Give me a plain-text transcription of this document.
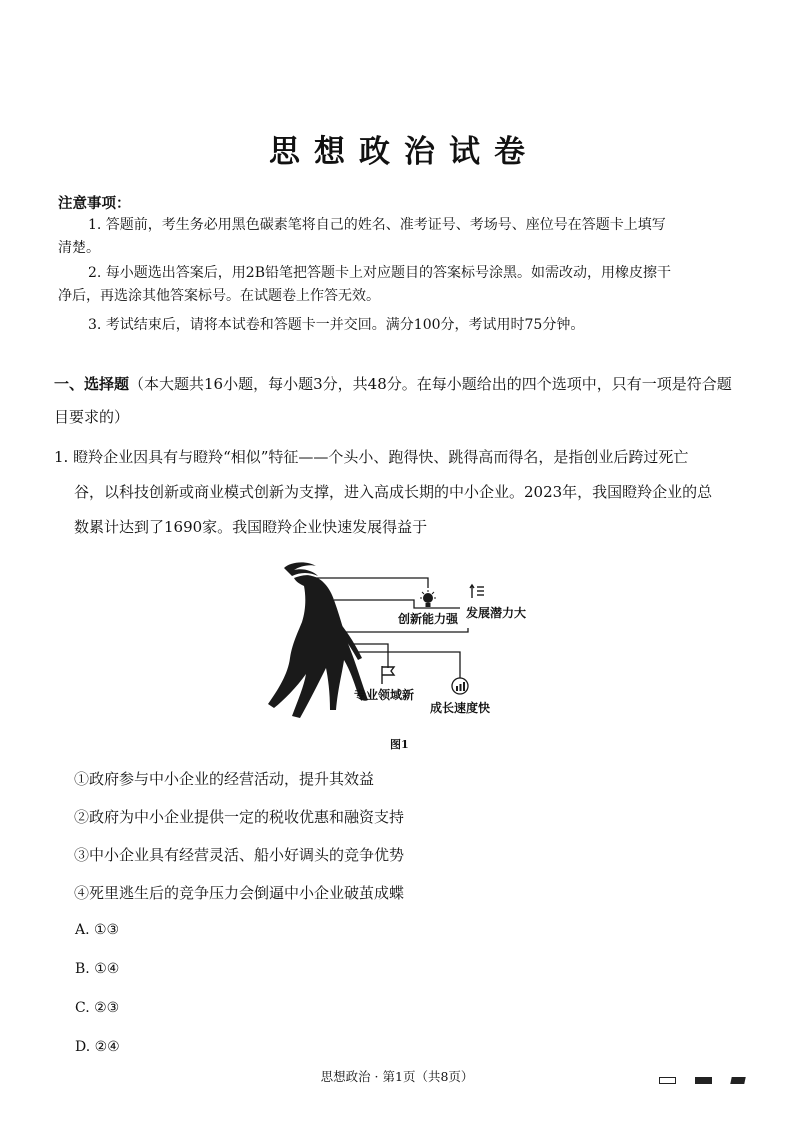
思想政治试卷
注意事项：
1. 答题前，考生务必用黑色碳素笔将自己的姓名、准考证号、考场号、座位号在答题卡上填写
清楚。
2. 每小题选出答案后，用2B铅笔把答题卡上对应题目的答案标号涂黑。如需改动，用橡皮擦干
净后，再选涂其他答案标号。在试题卷上作答无效。
3. 考试结束后，请将本试卷和答题卡一并交回。满分100分，考试用时75分钟。
一、选择题（本大题共16小题，每小题3分，共48分。在每小题给出的四个选项中，只有一项是符合题
目要求的）
1. 瞪羚企业因具有与瞪羚“相似”特征——个头小、跑得快、跳得高而得名，是指创业后跨过死亡
谷，以科技创新或商业模式创新为支撑，进入高成长期的中小企业。2023年，我国瞪羚企业的总
数累计达到了1690家。我国瞪羚企业快速发展得益于
创新能力强 发展潜力大
专业领域新
成长速度快
图1
①政府参与中小企业的经营活动，提升其效益
②政府为中小企业提供一定的税收优惠和融资支持
③中小企业具有经营灵活、船小好调头的竞争优势
④死里逃生后的竞争压力会倒逼中小企业破茧成蝶
A. ①③
B. ①④
C. ②③
D. ②④
思想政治 · 第1页（共8页）
